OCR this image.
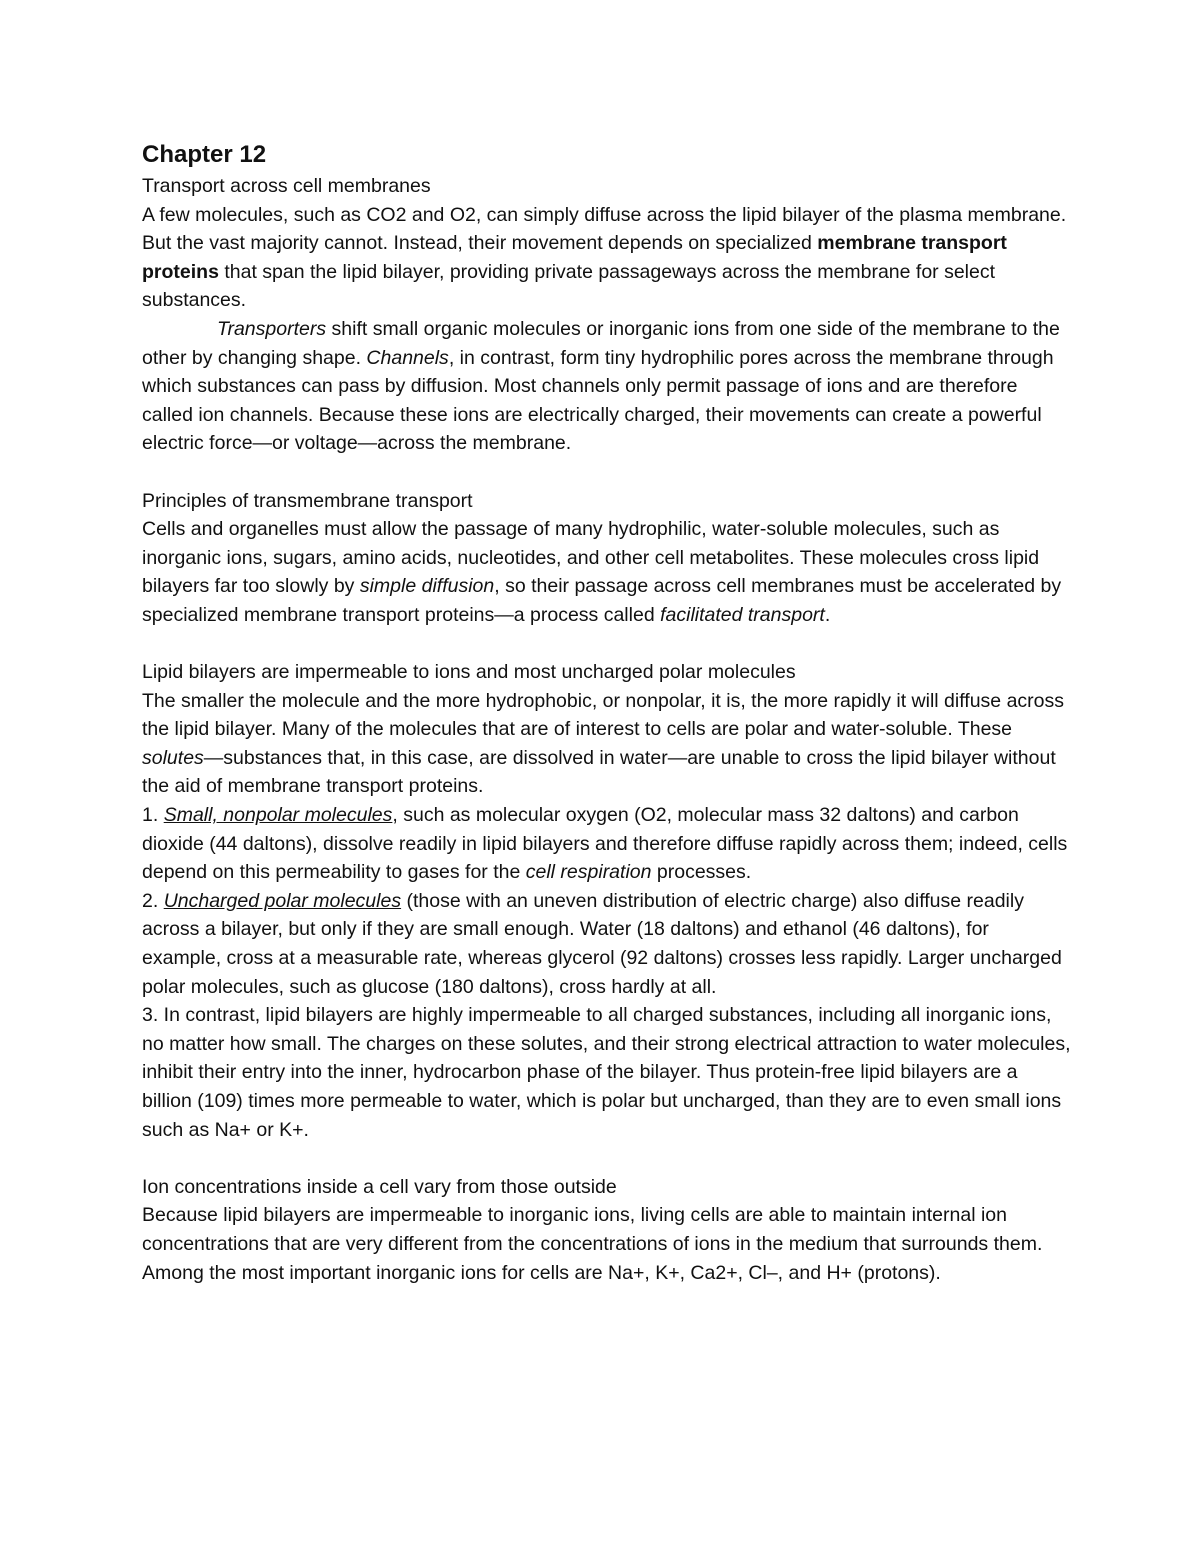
Chapter 12

Transport across cell membranes

A few molecules, such as CO2 and O2, can simply diffuse across the lipid bilayer of the plasma membrane. But the vast majority cannot. Instead, their movement depends on specialized membrane transport proteins that span the lipid bilayer, providing private passageways across the membrane for select substances.

Transporters shift small organic molecules or inorganic ions from one side of the membrane to the other by changing shape. Channels, in contrast, form tiny hydrophilic pores across the membrane through which substances can pass by diffusion. Most channels only permit passage of ions and are therefore called ion channels. Because these ions are electrically charged, their movements can create a powerful electric force—or voltage—across the membrane.

Principles of transmembrane transport

Cells and organelles must allow the passage of many hydrophilic, water-soluble molecules, such as inorganic ions, sugars, amino acids, nucleotides, and other cell metabolites. These molecules cross lipid bilayers far too slowly by simple diffusion, so their passage across cell membranes must be accelerated by specialized membrane transport proteins—a process called facilitated transport.

Lipid bilayers are impermeable to ions and most uncharged polar molecules

The smaller the molecule and the more hydrophobic, or nonpolar, it is, the more rapidly it will diffuse across the lipid bilayer. Many of the molecules that are of interest to cells are polar and water-soluble. These solutes—substances that, in this case, are dissolved in water—are unable to cross the lipid bilayer without the aid of membrane transport proteins.

1. Small, nonpolar molecules, such as molecular oxygen (O2, molecular mass 32 daltons) and carbon dioxide (44 daltons), dissolve readily in lipid bilayers and therefore diffuse rapidly across them; indeed, cells depend on this permeability to gases for the cell respiration processes.

2. Uncharged polar molecules (those with an uneven distribution of electric charge) also diffuse readily across a bilayer, but only if they are small enough. Water (18 daltons) and ethanol (46 daltons), for example, cross at a measurable rate, whereas glycerol (92 daltons) crosses less rapidly. Larger uncharged polar molecules, such as glucose (180 daltons), cross hardly at all.

3. In contrast, lipid bilayers are highly impermeable to all charged substances, including all inorganic ions, no matter how small. The charges on these solutes, and their strong electrical attraction to water molecules, inhibit their entry into the inner, hydrocarbon phase of the bilayer. Thus protein-free lipid bilayers are a billion (109) times more permeable to water, which is polar but uncharged, than they are to even small ions such as Na+ or K+.

Ion concentrations inside a cell vary from those outside

Because lipid bilayers are impermeable to inorganic ions, living cells are able to maintain internal ion concentrations that are very different from the concentrations of ions in the medium that surrounds them. Among the most important inorganic ions for cells are Na+, K+, Ca2+, Cl–, and H+ (protons).
